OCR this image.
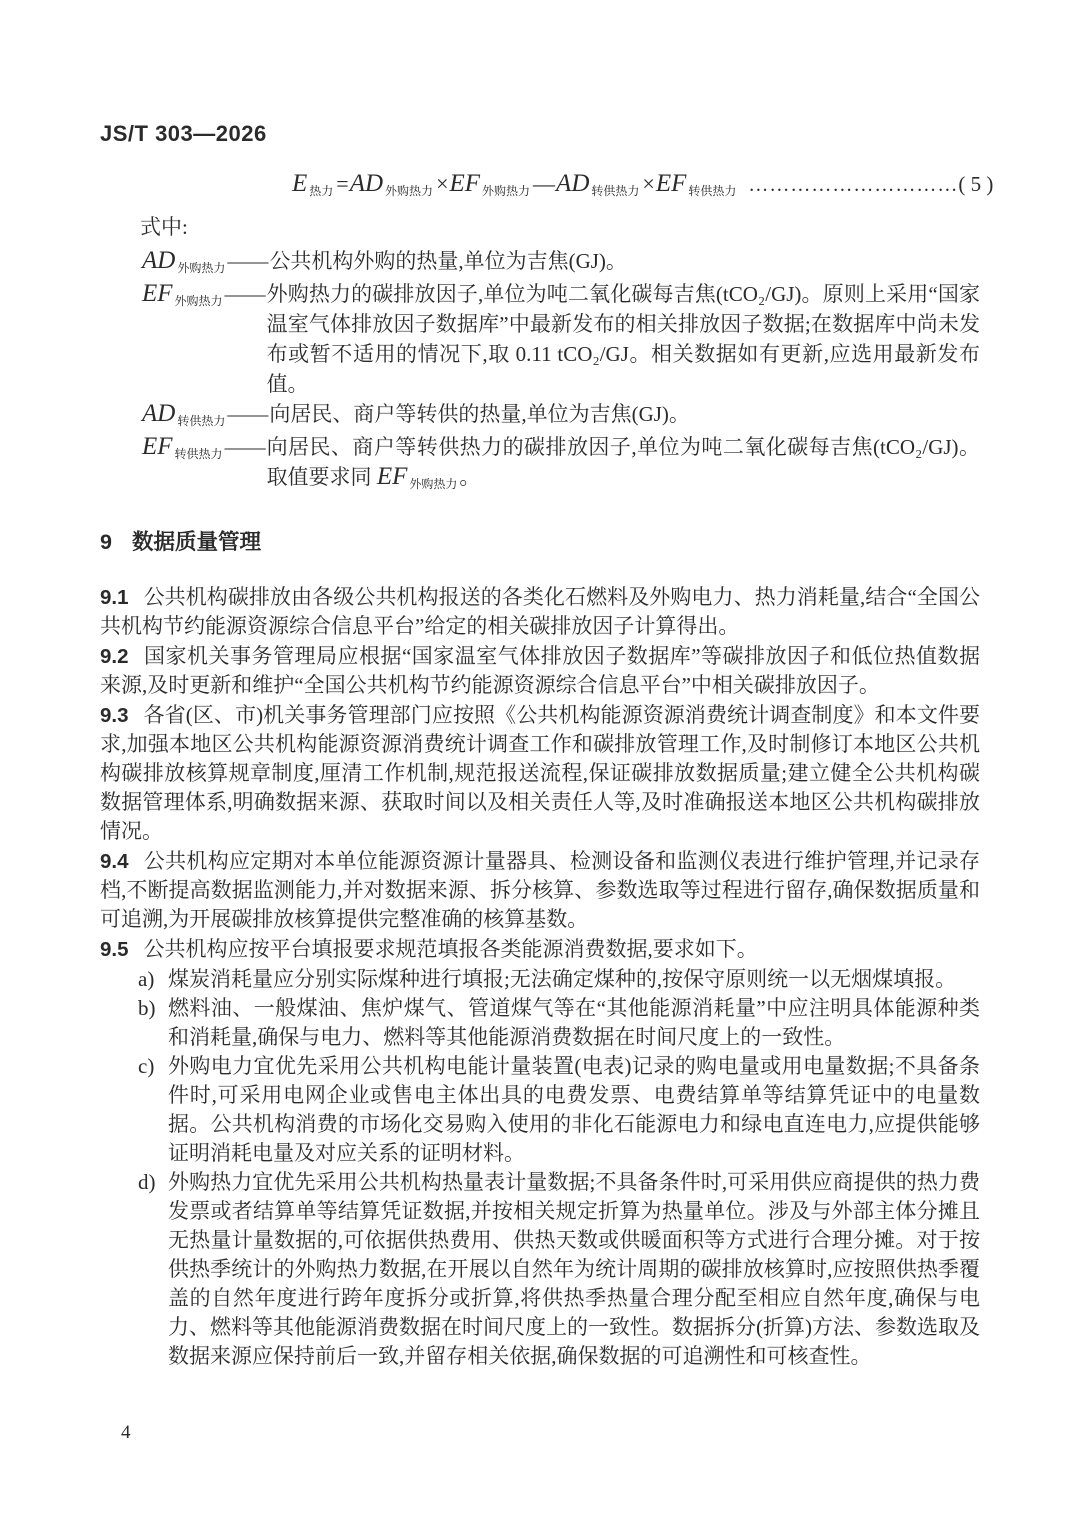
JS/T 303—2026
E热力 =AD 外购热力 ×EF 外购热力 —AD 转供热力 ×EF 转供热力 …………………………( 5 )
式中:
AD 外购热力 —— 公共机构外购的热量,单位为吉焦(GJ)。
EF 外购热力 —— 外购热力的碳排放因子,单位为吨二氧化碳每吉焦(tCO₂/GJ)。原则上采用“国家温室气体排放因子数据库”中最新发布的相关排放因子数据;在数据库中尚未发布或暂不适用的情况下,取 0.11 tCO₂/GJ。相关数据如有更新,应选用最新发布值。
AD 转供热力 —— 向居民、商户等转供的热量,单位为吉焦(GJ)。
EF 转供热力 —— 向居民、商户等转供热力的碳排放因子,单位为吨二氧化碳每吉焦(tCO₂/GJ)。取值要求同 EF 外购热力。
9 数据质量管理

9.1 公共机构碳排放由各级公共机构报送的各类化石燃料及外购电力、热力消耗量,结合“全国公共机构节约能源资源综合信息平台”给定的相关碳排放因子计算得出。

9.2 国家机关事务管理局应根据“国家温室气体排放因子数据库”等碳排放因子和低位热值数据来源,及时更新和维护“全国公共机构节约能源资源综合信息平台”中相关碳排放因子。

9.3 各省(区、市)机关事务管理部门应按照《公共机构能源资源消费统计调查制度》和本文件要求,加强本地区公共机构能源资源消费统计调查工作和碳排放管理工作,及时制修订本地区公共机构碳排放核算规章制度,厘清工作机制,规范报送流程,保证碳排放数据质量;建立健全公共机构碳数据管理体系,明确数据来源、获取时间以及相关责任人等,及时准确报送本地区公共机构碳排放情况。

9.4 公共机构应定期对本单位能源资源计量器具、检测设备和监测仪表进行维护管理,并记录存档,不断提高数据监测能力,并对数据来源、拆分核算、参数选取等过程进行留存,确保数据质量和可追溯,为开展碳排放核算提供完整准确的核算基数。

9.5 公共机构应按平台填报要求规范填报各类能源消费数据,要求如下。

a) 煤炭消耗量应分别实际煤种进行填报;无法确定煤种的,按保守原则统一以无烟煤填报。
b) 燃料油、一般煤油、焦炉煤气、管道煤气等在“其他能源消耗量”中应注明具体能源种类和消耗量,确保与电力、燃料等其他能源消费数据在时间尺度上的一致性。
c) 外购电力宜优先采用公共机构电能计量装置(电表)记录的购电量或用电量数据;不具备条件时,可采用电网企业或售电主体出具的电费发票、电费结算单等结算凭证中的电量数据。公共机构消费的市场化交易购入使用的非化石能源电力和绿电直连电力,应提供能够证明消耗电量及对应关系的证明材料。
d) 外购热力宜优先采用公共机构热量表计量数据;不具备条件时,可采用供应商提供的热力费发票或者结算单等结算凭证数据,并按相关规定折算为热量单位。涉及与外部主体分摊且无热量计量数据的,可依据供热费用、供热天数或供暖面积等方式进行合理分摊。对于按供热季统计的外购热力数据,在开展以自然年为统计周期的碳排放核算时,应按照供热季覆盖的自然年度进行跨年度拆分或折算,将供热季热量合理分配至相应自然年度,确保与电力、燃料等其他能源消费数据在时间尺度上的一致性。数据拆分(折算)方法、参数选取及数据来源应保持前后一致,并留存相关依据,确保数据的可追溯性和可核查性。
4
